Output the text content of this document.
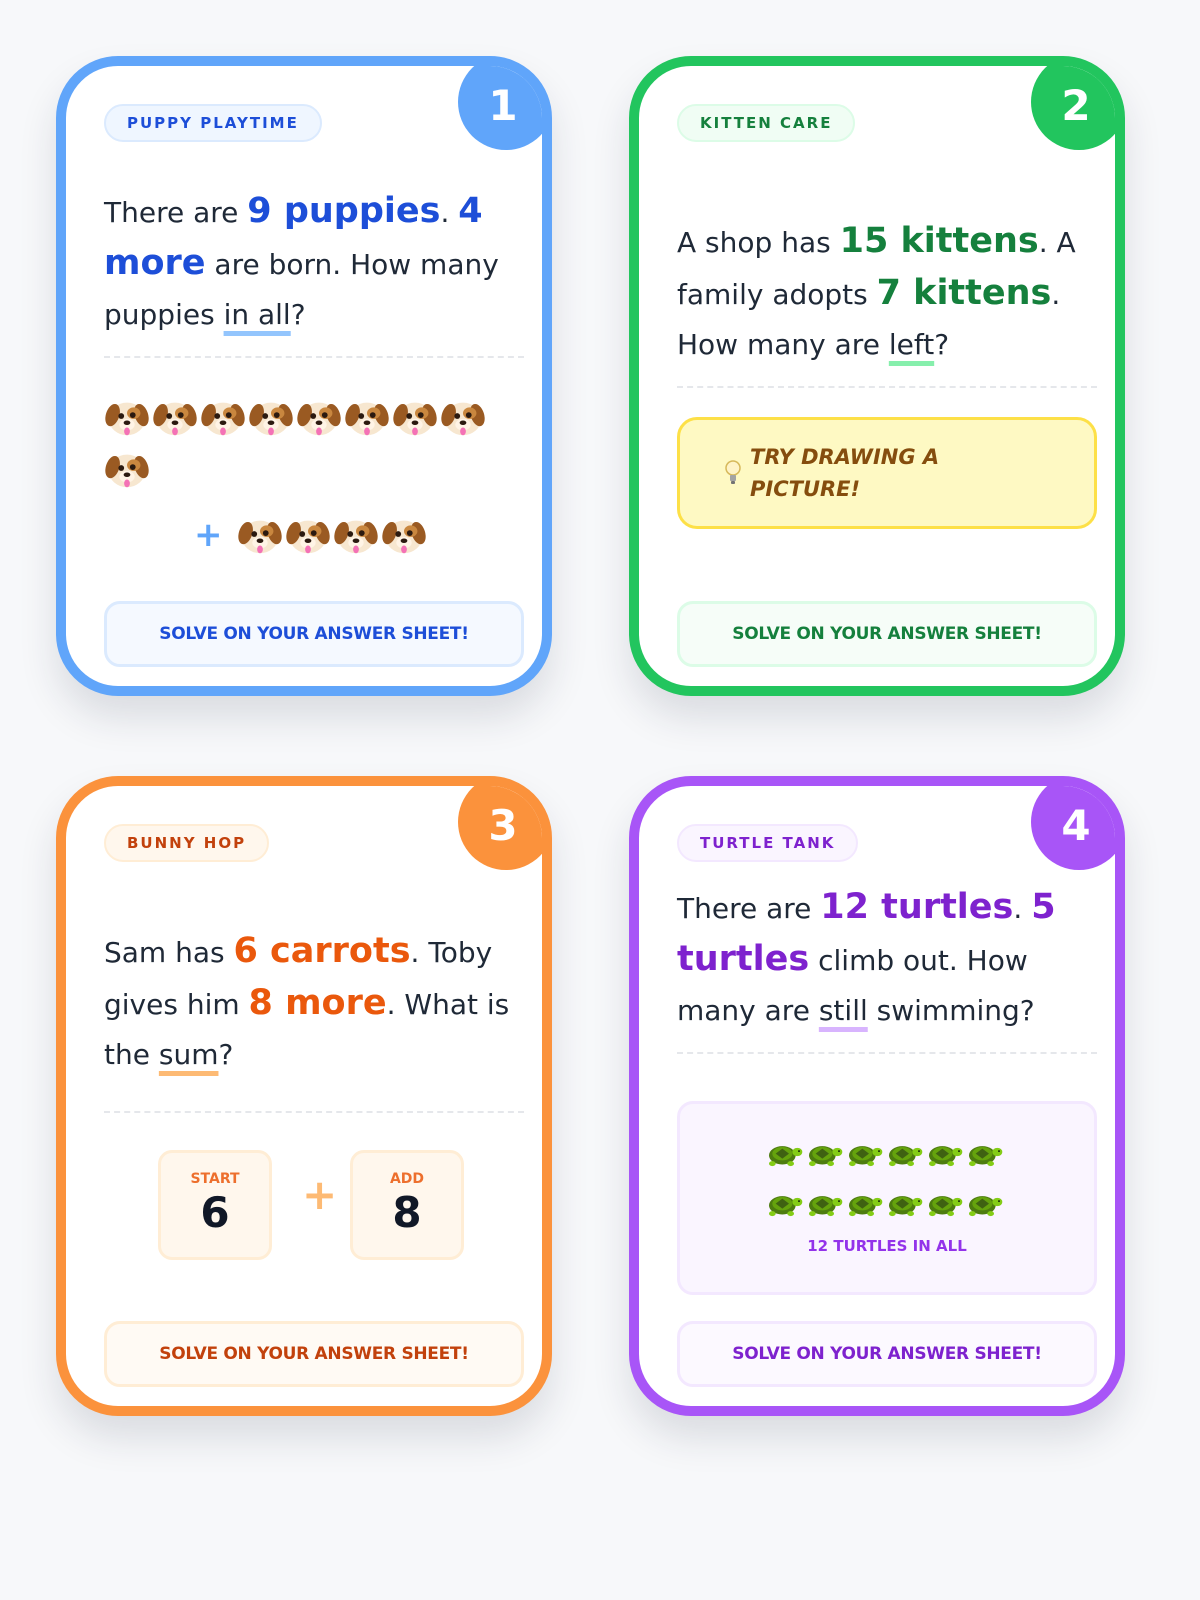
1
PUPPY PLAYTIME

There are 9 puppies. 4 more are born. How many puppies in all?

+
SOLVE ON YOUR ANSWER SHEET!
2
KITTEN CARE

A shop has 15 kittens. A family adopts 7 kittens. How many are left?

TRY DRAWING A PICTURE!
SOLVE ON YOUR ANSWER SHEET!
3
BUNNY HOP

Sam has 6 carrots. Toby gives him 8 more. What is the sum?

START
6 +	ADD
8
SOLVE ON YOUR ANSWER SHEET!
4
TURTLE TANK

There are 12 turtles. 5 turtles climb out. How many are still swimming?

12 TURTLES IN ALL
SOLVE ON YOUR ANSWER SHEET!
